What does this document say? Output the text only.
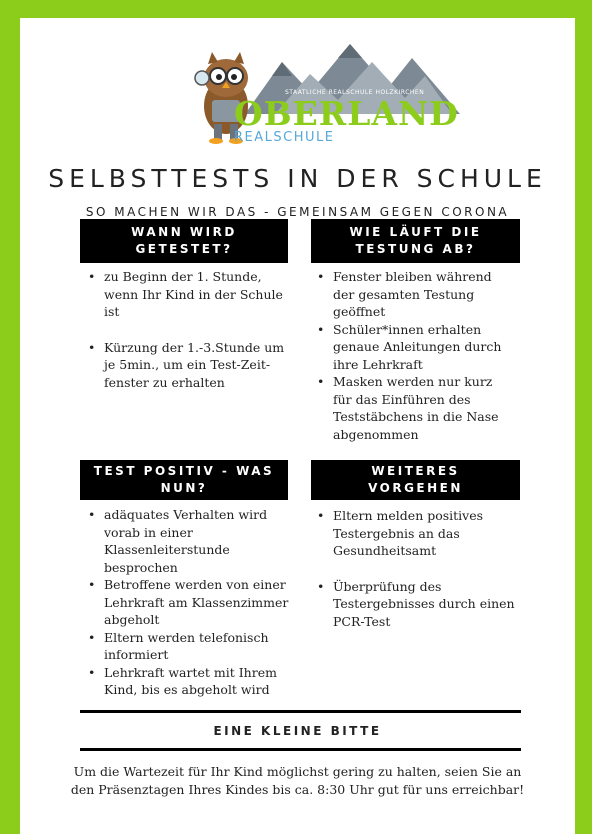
STAATLICHE REALSCHULE HOLZKIRCHEN
OBERLAND
REALSCHULE
SELBSTTESTS IN DER SCHULE
SO MACHEN WIR DAS - GEMEINSAM GEGEN CORONA
WANN WIRD GETESTET?
• zu Beginn der 1. Stunde, wenn Ihr Kind in der Schule ist
• Kürzung der 1.-3.Stunde um je 5min., um ein Test-Zeit-fenster zu erhalten
WIE LÄUFT DIE TESTUNG AB?
• Fenster bleiben während der gesamten Testung geöffnet
• Schüler*innen erhalten genaue Anleitungen durch ihre Lehrkraft
• Masken werden nur kurz für das Einführen des Teststäbchens in die Nase abgenommen
TEST POSITIV - WAS NUN?
• adäquates Verhalten wird vorab in einer Klassenleiterstunde besprochen
• Betroffene werden von einer Lehrkraft am Klassenzimmer abgeholt
• Eltern werden telefonisch informiert
• Lehrkraft wartet mit Ihrem Kind, bis es abgeholt wird
WEITERES VORGEHEN
• Eltern melden positives Testergebnis an das Gesundheitsamt
• Überprüfung des Testergebnisses durch einen PCR-Test
EINE KLEINE BITTE
Um die Wartezeit für Ihr Kind möglichst gering zu halten, seien Sie an den Präsenztagen Ihres Kindes bis ca. 8:30 Uhr gut für uns erreichbar!
